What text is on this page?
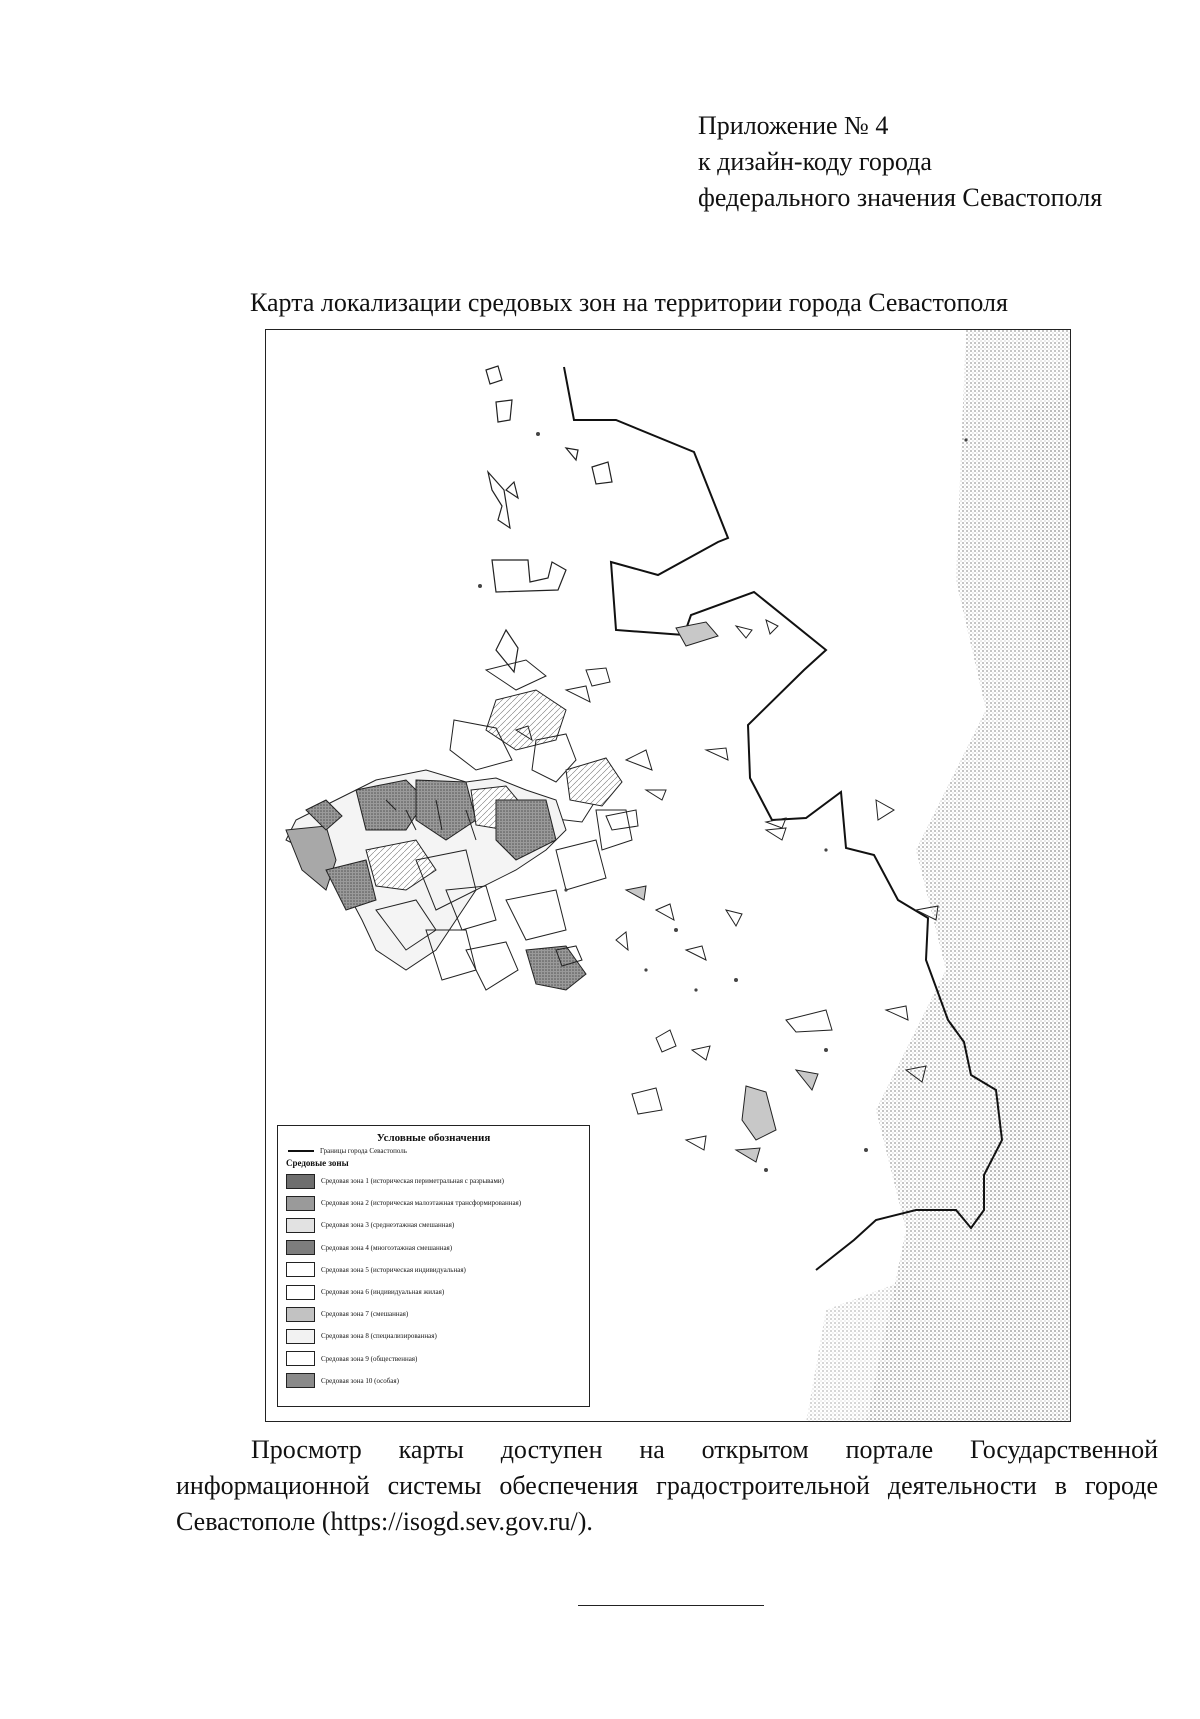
Приложение № 4
к дизайн-коду города
федерального значения Севастополя
Карта локализации средовых зон на территории города Севастополя
Условные обозначения
Границы города Севастополь
Средовые зоны
Средовая зона 1 (историческая периметральная с разрывами)
Средовая зона 2 (историческая малоэтажная трансформированная)
Средовая зона 3 (среднеэтажная смешанная)
Средовая зона 4 (многоэтажная смешанная)
Средовая зона 5 (историческая индивидуальная)
Средовая зона 6 (индивидуальная жилая)
Средовая зона 7 (смешанная)
Средовая зона 8 (специализированная)
Средовая зона 9 (общественная)
Средовая зона 10 (особая)
Просмотр карты доступен на открытом портале Государственной информационной системы обеспечения градостроительной деятельности в городе Севастополе (https://isogd.sev.gov.ru/).
